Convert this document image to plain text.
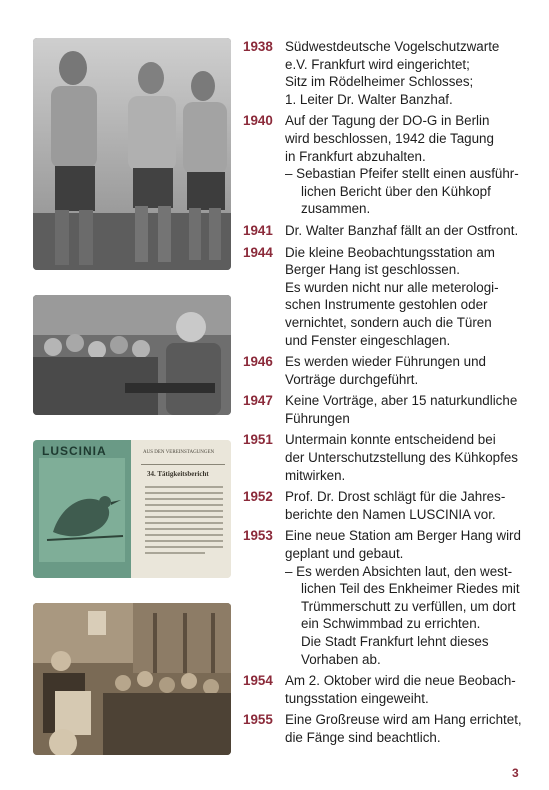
LUSCINIA	AUS DEN VEREINSTAGUNGEN
34. Tätigkeitsbericht
1938 Südwestdeutsche Vogelschutzwarte
e.V. Frankfurt wird eingerichtet;
Sitz im Rödelheimer Schlosses;
1. Leiter Dr. Walter Banzhaf.
1940 Auf der Tagung der DO-G in Berlin
wird beschlossen, 1942 die Tagung
in Frankfurt abzuhalten.
– Sebastian Pfeifer stellt einen ausführ-
lichen Bericht über den Kühkopf
zusammen.
1941 Dr. Walter Banzhaf fällt an der Ostfront.
1944 Die kleine Beobachtungsstation am
Berger Hang ist geschlossen.
Es wurden nicht nur alle meterologi-
schen Instrumente gestohlen oder
vernichtet, sondern auch die Türen
und Fenster eingeschlagen.
1946 Es werden wieder Führungen und
Vorträge durchgeführt.
1947 Keine Vorträge, aber 15 naturkundliche
Führungen
1951 Untermain konnte entscheidend bei
der Unterschutzstellung des Kühkopfes
mitwirken.
1952 Prof. Dr. Drost schlägt für die Jahres-
berichte den Namen LUSCINIA vor.
1953 Eine neue Station am Berger Hang wird
geplant und gebaut.
– Es werden Absichten laut, den west-
lichen Teil des Enkheimer Riedes mit
Trümmerschutt zu verfüllen, um dort
ein Schwimmbad zu errichten.
Die Stadt Frankfurt lehnt dieses
Vorhaben ab.
1954 Am 2. Oktober wird die neue Beobach-
tungsstation eingeweiht.
1955 Eine Großreuse wird am Hang errichtet,
die Fänge sind beachtlich.
3
